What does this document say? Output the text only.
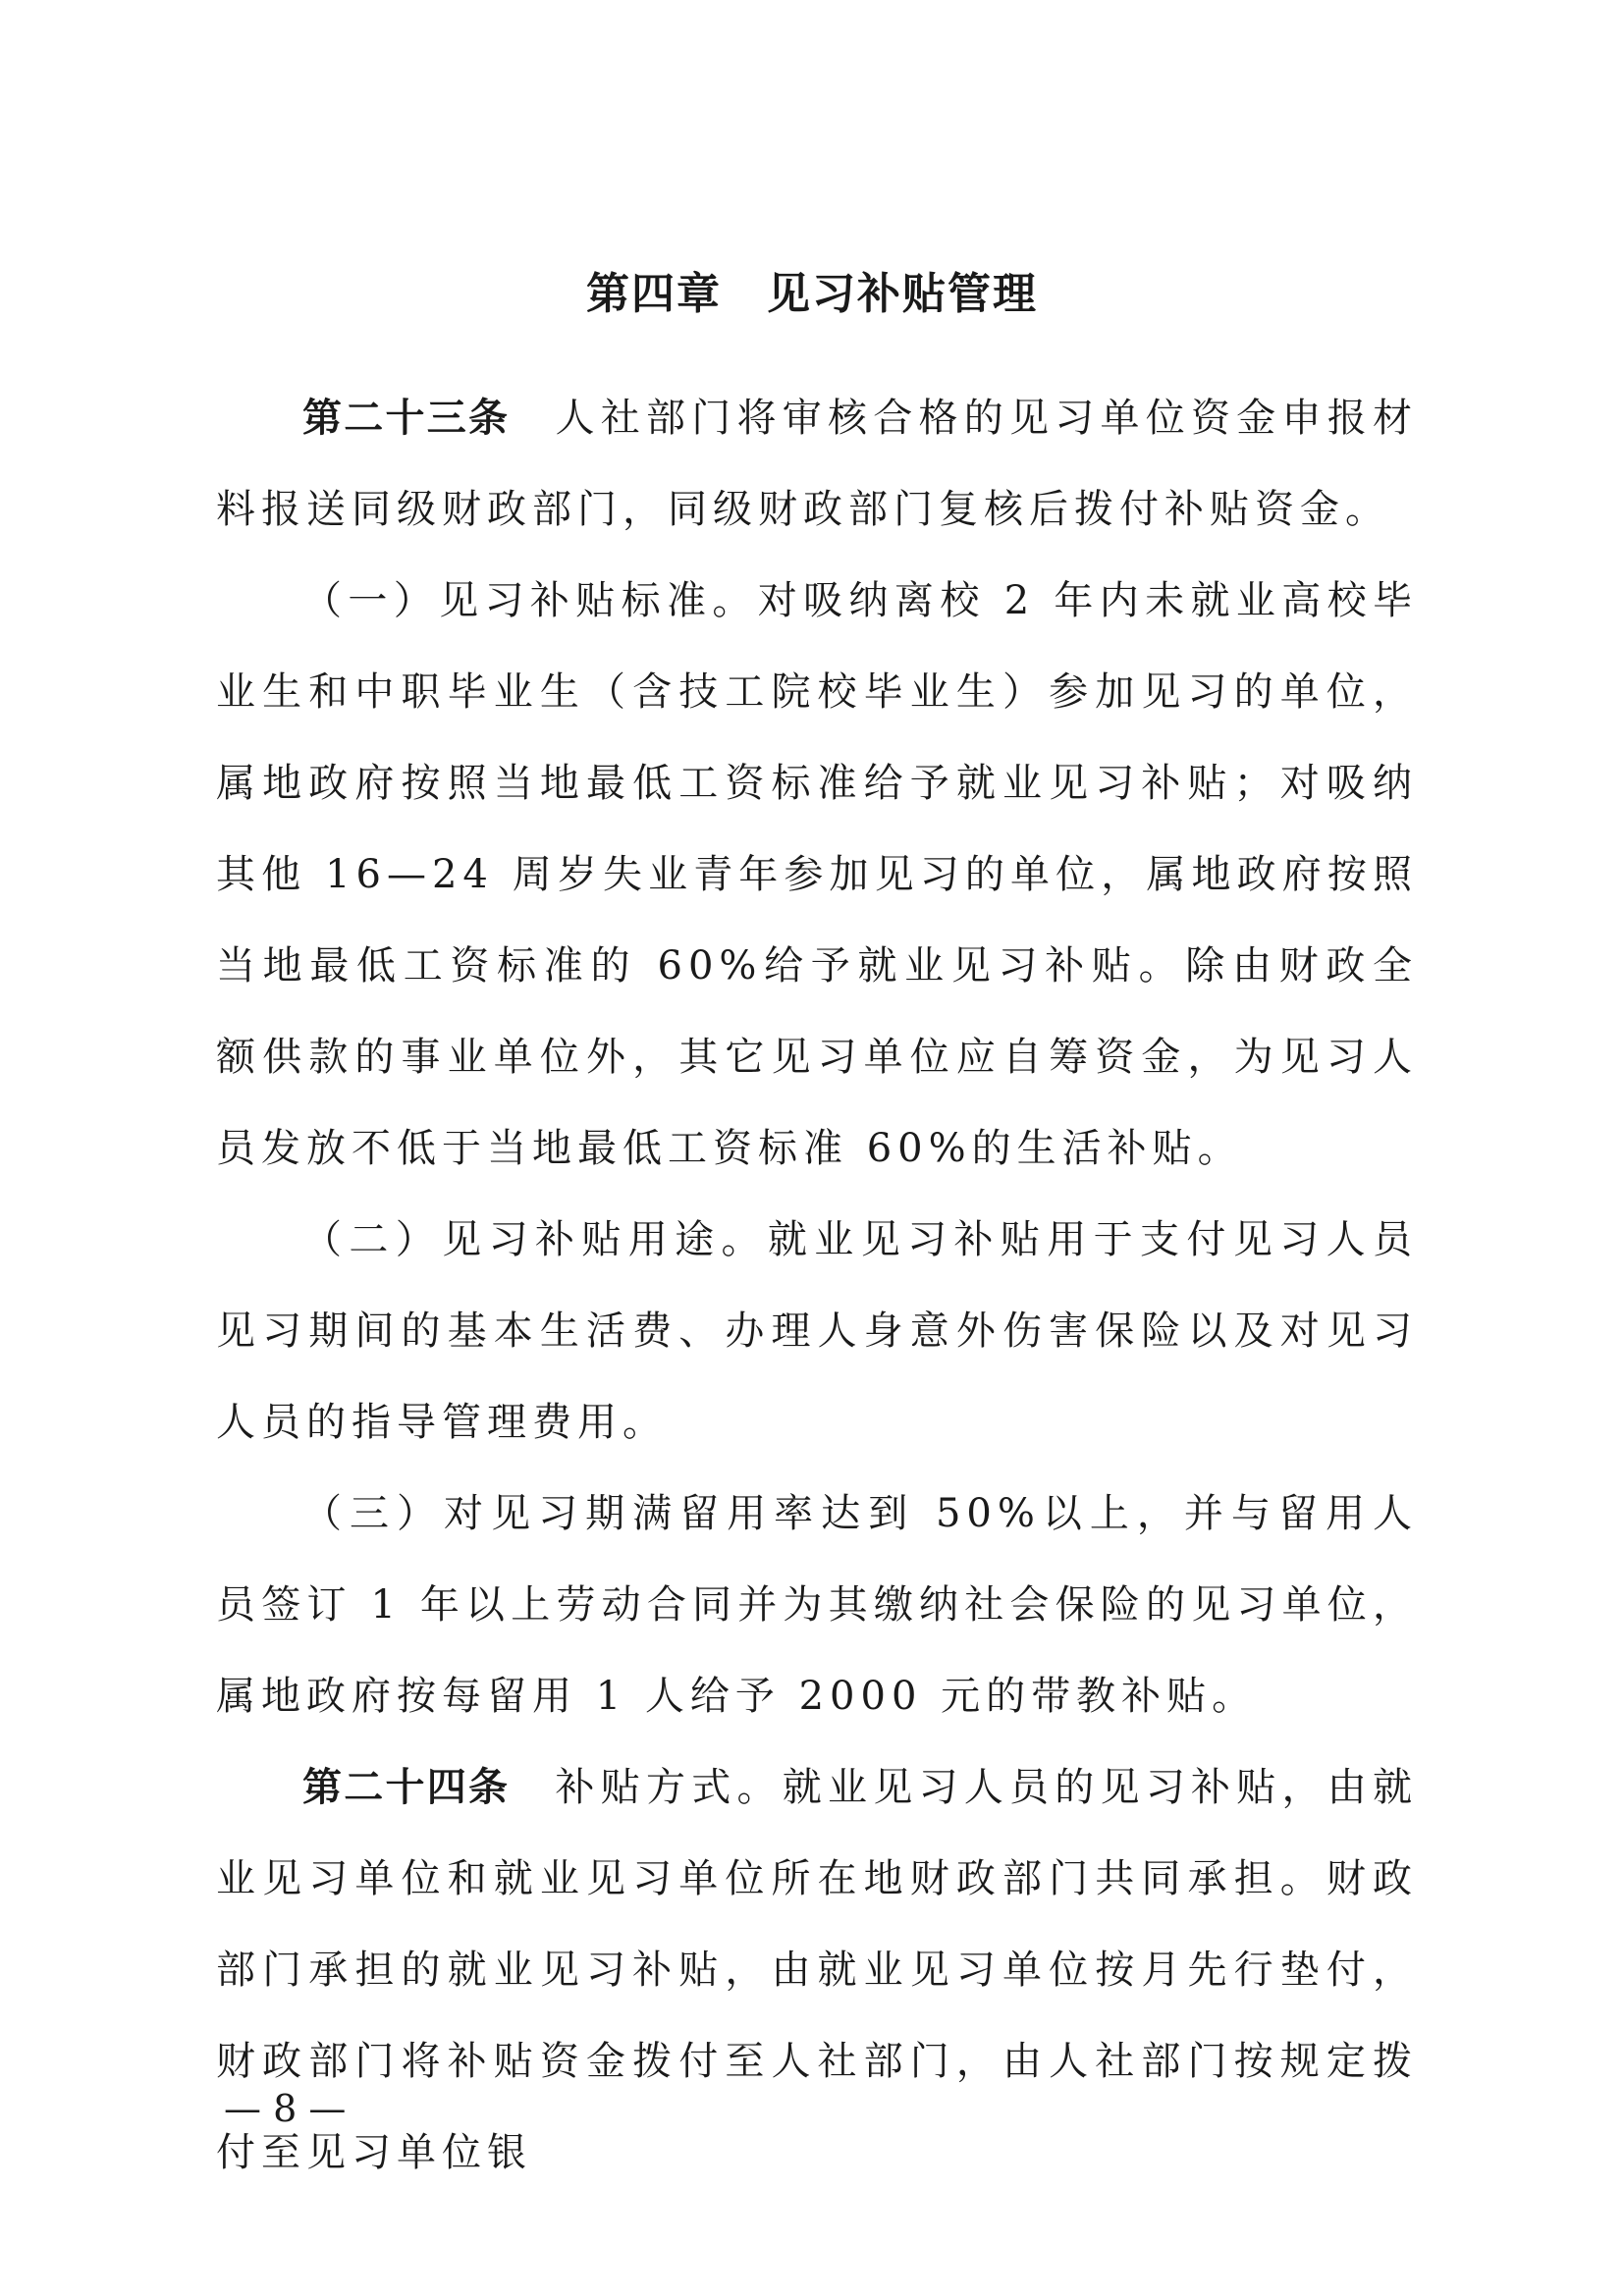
第四章　见习补贴管理

第二十三条　人社部门将审核合格的见习单位资金申报材料报送同级财政部门，同级财政部门复核后拨付补贴资金。

（一）见习补贴标准。对吸纳离校 2 年内未就业高校毕业生和中职毕业生（含技工院校毕业生）参加见习的单位，属地政府按照当地最低工资标准给予就业见习补贴；对吸纳其他 16—24 周岁失业青年参加见习的单位，属地政府按照当地最低工资标准的 60%给予就业见习补贴。除由财政全额供款的事业单位外，其它见习单位应自筹资金，为见习人员发放不低于当地最低工资标准 60%的生活补贴。

（二）见习补贴用途。就业见习补贴用于支付见习人员见习期间的基本生活费、办理人身意外伤害保险以及对见习人员的指导管理费用。

（三）对见习期满留用率达到 50%以上，并与留用人员签订 1 年以上劳动合同并为其缴纳社会保险的见习单位，属地政府按每留用 1 人给予 2000 元的带教补贴。

第二十四条　补贴方式。就业见习人员的见习补贴，由就业见习单位和就业见习单位所在地财政部门共同承担。财政部门承担的就业见习补贴，由就业见习单位按月先行垫付，财政部门将补贴资金拨付至人社部门，由人社部门按规定拨付至见习单位银

— 8 —
